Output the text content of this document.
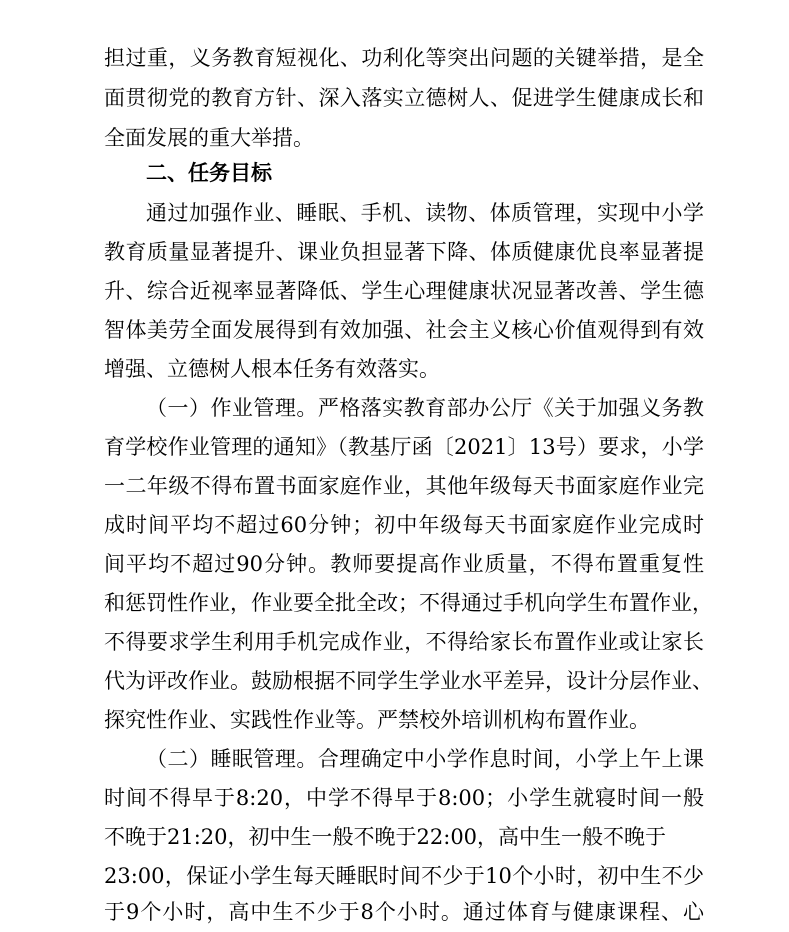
担过重，义务教育短视化、功利化等突出问题的关键举措，是全
面贯彻党的教育方针、深入落实立德树人、促进学生健康成长和
全面发展的重大举措。
二、任务目标
通过加强作业、睡眠、手机、读物、体质管理，实现中小学
教育质量显著提升、课业负担显著下降、体质健康优良率显著提
升、综合近视率显著降低、学生心理健康状况显著改善、学生德
智体美劳全面发展得到有效加强、社会主义核心价值观得到有效
增强、立德树人根本任务有效落实。
（一）作业管理。严格落实教育部办公厅《关于加强义务教
育学校作业管理的通知》（教基厅函〔2021〕13号）要求，小学
一二年级不得布置书面家庭作业，其他年级每天书面家庭作业完
成时间平均不超过60分钟；初中年级每天书面家庭作业完成时
间平均不超过90分钟。教师要提高作业质量，不得布置重复性
和惩罚性作业，作业要全批全改；不得通过手机向学生布置作业，
不得要求学生利用手机完成作业，不得给家长布置作业或让家长
代为评改作业。鼓励根据不同学生学业水平差异，设计分层作业、
探究性作业、实践性作业等。严禁校外培训机构布置作业。
（二）睡眠管理。合理确定中小学作息时间，小学上午上课
时间不得早于8:20，中学不得早于8:00；小学生就寝时间一般
不晚于21:20，初中生一般不晚于22:00，高中生一般不晚于
23:00，保证小学生每天睡眠时间不少于10个小时，初中生不少
于9个小时，高中生不少于8个小时。通过体育与健康课程、心
